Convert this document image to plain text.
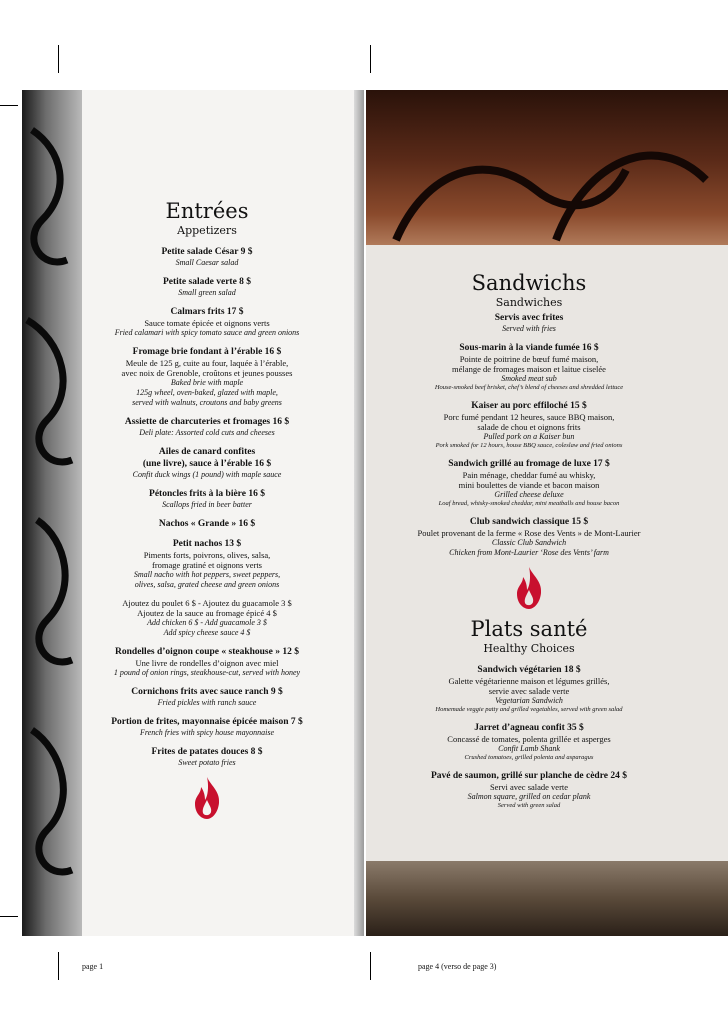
Entrées
Appetizers
Petite salade César 9 $
Small Caesar salad
Petite salade verte 8 $
Small green salad
Calmars frits 17 $
Sauce tomate épicée et oignons verts
Fried calamari with spicy tomato sauce and green onions
Fromage brie fondant à l’érable 16 $
Meule de 125 g, cuite au four, laquée à l’érable,
avec noix de Grenoble, croûtons et jeunes pousses
Baked brie with maple
125g wheel, oven-baked, glazed with maple,
served with walnuts, croutons and baby greens
Assiette de charcuteries et fromages 16 $
Deli plate: Assorted cold cuts and cheeses
Ailes de canard confites
(une livre), sauce à l’érable 16 $
Confit duck wings (1 pound) with maple sauce
Pétoncles frits à la bière 16 $
Scallops fried in beer batter
Nachos « Grande » 16 $
Petit nachos 13 $
Piments forts, poivrons, olives, salsa,
fromage gratiné et oignons verts
Small nacho with hot peppers, sweet peppers,
olives, salsa, grated cheese and green onions
Ajoutez du poulet 6 $ - Ajoutez du guacamole 3 $
Ajoutez de la sauce au fromage épicé 4 $
Add chicken 6 $ - Add guacamole 3 $
Add spicy cheese sauce 4 $
Rondelles d’oignon coupe « steakhouse » 12 $
Une livre de rondelles d’oignon avec miel
1 pound of onion rings, steakhouse-cut, served with honey
Cornichons frits avec sauce ranch 9 $
Fried pickles with ranch sauce
Portion de frites, mayonnaise épicée maison 7 $
French fries with spicy house mayonnaise
Frites de patates douces 8 $
Sweet potato fries
Sandwichs
Sandwiches
Servis avec frites
Served with fries
Sous-marin à la viande fumée 16 $
Pointe de poitrine de bœuf fumé maison,
mélange de fromages maison et laitue ciselée
Smoked meat sub
House-smoked beef brisket, chef’s blend of cheeses and shredded lettuce
Kaiser au porc effiloché 15 $
Porc fumé pendant 12 heures, sauce BBQ maison,
salade de chou et oignons frits
Pulled pork on a Kaiser bun
Pork smoked for 12 hours, house BBQ sauce, coleslaw and fried onions
Sandwich grillé au fromage de luxe 17 $
Pain ménage, cheddar fumé au whisky,
mini boulettes de viande et bacon maison
Grilled cheese deluxe
Loaf bread, whisky-smoked cheddar, mini meatballs and house bacon
Club sandwich classique 15 $
Poulet provenant de la ferme « Rose des Vents » de Mont-Laurier
Classic Club Sandwich
Chicken from Mont-Laurier ‘Rose des Vents’ farm
Plats santé
Healthy Choices
Sandwich végétarien 18 $
Galette végétarienne maison et légumes grillés,
servie avec salade verte
Vegetarian Sandwich
Homemade veggie patty and grilled vegetables, served with green salad
Jarret d’agneau confit 35 $
Concassé de tomates, polenta grillée et asperges
Confit Lamb Shank
Crushed tomatoes, grilled polenta and asparagus
Pavé de saumon, grillé sur planche de cèdre 24 $
Servi avec salade verte
Salmon square, grilled on cedar plank
Served with green salad
page 1	page 4 (verso de page 3)
